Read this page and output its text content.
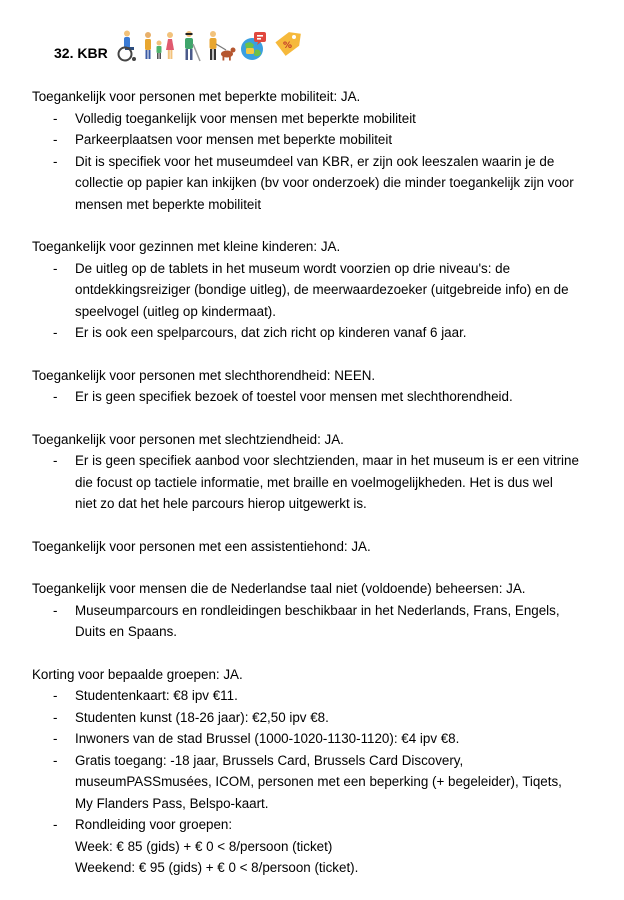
32. KBR	%
Toegankelijk voor personen met beperkte mobiliteit: JA.
- Volledig toegankelijk voor mensen met beperkte mobiliteit
- Parkeerplaatsen voor mensen met beperkte mobiliteit
- Dit is specifiek voor het museumdeel van KBR, er zijn ook leeszalen waarin je de
collectie op papier kan inkijken (bv voor onderzoek) die minder toegankelijk zijn voor
mensen met beperkte mobiliteit
Toegankelijk voor gezinnen met kleine kinderen: JA.
- De uitleg op de tablets in het museum wordt voorzien op drie niveau's: de
ontdekkingsreiziger (bondige uitleg), de meerwaardezoeker (uitgebreide info) en de
speelvogel (uitleg op kindermaat).
- Er is ook een spelparcours, dat zich richt op kinderen vanaf 6 jaar.
Toegankelijk voor personen met slechthorendheid: NEEN.
- Er is geen specifiek bezoek of toestel voor mensen met slechthorendheid.
Toegankelijk voor personen met slechtziendheid: JA.
- Er is geen specifiek aanbod voor slechtzienden, maar in het museum is er een vitrine
die focust op tactiele informatie, met braille en voelmogelijkheden. Het is dus wel
niet zo dat het hele parcours hierop uitgewerkt is.
Toegankelijk voor personen met een assistentiehond: JA.
Toegankelijk voor mensen die de Nederlandse taal niet (voldoende) beheersen: JA.
- Museumparcours en rondleidingen beschikbaar in het Nederlands, Frans, Engels,
Duits en Spaans.
Korting voor bepaalde groepen: JA.
- Studentenkaart: €8 ipv €11.
- Studenten kunst (18-26 jaar): €2,50 ipv €8.
- Inwoners van de stad Brussel (1000-1020-1130-1120): €4 ipv €8.
- Gratis toegang: -18 jaar, Brussels Card, Brussels Card Discovery,
museumPASSmusées, ICOM, personen met een beperking (+ begeleider), Tiqets,
My Flanders Pass, Belspo-kaart.
- Rondleiding voor groepen:
Week: € 85 (gids) + € 0 < 8/persoon (ticket)
Weekend: € 95 (gids) + € 0 < 8/persoon (ticket).
